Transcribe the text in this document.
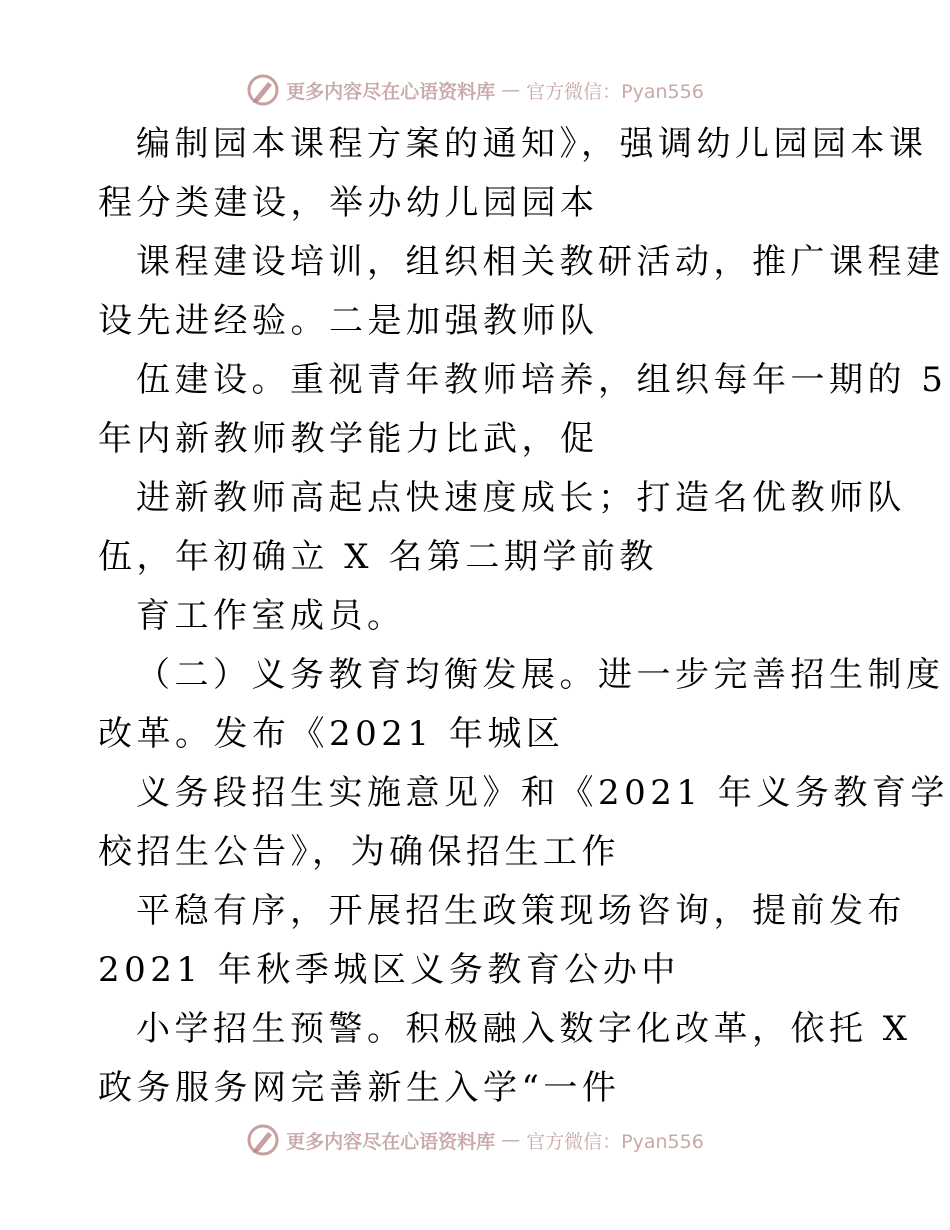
更多内容尽在心语资料库 — 官方微信：Pyan556
编制园本课程方案的通知》，强调幼儿园园本课
程分类建设，举办幼儿园园本
课程建设培训，组织相关教研活动，推广课程建
设先进经验。二是加强教师队
伍建设。重视青年教师培养，组织每年一期的 5
年内新教师教学能力比武，促
进新教师高起点快速度成长；打造名优教师队
伍，年初确立 X 名第二期学前教
育工作室成员。
（二）义务教育均衡发展。进一步完善招生制度
改革。发布《2021 年城区
义务段招生实施意见》和《2021 年义务教育学
校招生公告》，为确保招生工作
平稳有序，开展招生政策现场咨询，提前发布
2021 年秋季城区义务教育公办中
小学招生预警。积极融入数字化改革，依托 X
政务服务网完善新生入学“一件
更多内容尽在心语资料库 — 官方微信：Pyan556
